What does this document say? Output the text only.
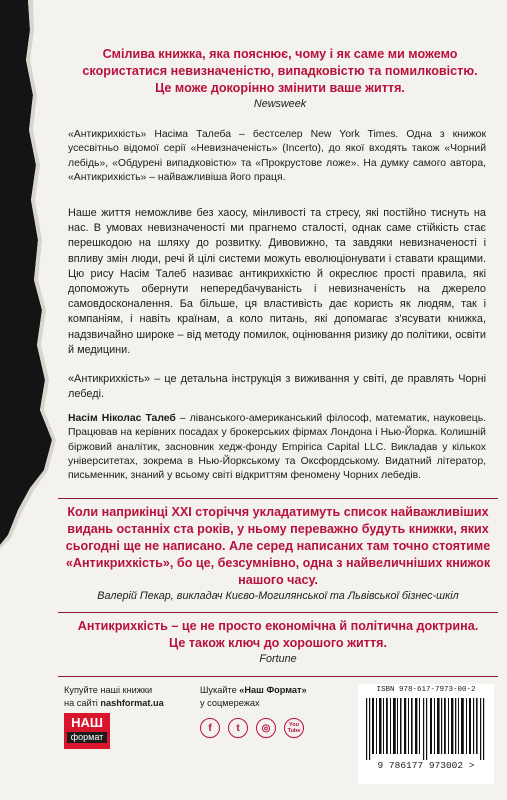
Смілива книжка, яка пояснює, чому і як саме ми можемо скористатися невизначеністю, випадковістю та помилковістю. Це може докорінно змінити ваше життя.
Newsweek
«Антикрихкість» Насіма Талеба – бестселер New York Times. Одна з книжок усесвітньо відомої серії «Невизначеність» (Incerto), до якої входять також «Чорний лебідь», «Обдурені випадковістю» та «Прокрустове ложе». На думку самого автора, «Антикрихкість» – найважливіша його праця.
Наше життя неможливе без хаосу, мінливості та стресу, які постійно тиснуть на нас. В умовах невизначеності ми прагнемо сталості, однак саме стійкість стає перешкодою на шляху до розвитку. Дивовижно, та завдяки невизначеності і впливу змін люди, речі й цілі системи можуть еволюціонувати і ставати кращими. Цю рису Насім Талеб називає антикрихкістю й окреслює прості правила, які допоможуть обернути непередбачуваність і невизначеність на джерело самовдосконалення. Ба більше, ця властивість дає користь як людям, так і компаніям, і навіть країнам, а коло питань, які допомагає з'ясувати книжка, надзвичайно широке – від методу помилок, оцінювання ризику до політики, освіти й медицини.
«Антикрихкість» – це детальна інструкція з виживання у світі, де правлять Чорні лебеді.
Насім Ніколас Талеб – ліванського-американський філософ, математик, науковець. Працював на керівних посадах у брокерських фірмах Лондона і Нью-Йорка. Колишній біржовий аналітик, засновник хедж-фонду Empirica Capital LLC. Викладав у кількох університетах, зокрема в Нью-Йоркському та Оксфордському. Видатний літератор, письменник, знаний у всьому світі відкриттям феномену Чорних лебедів.
Коли наприкінці ХХІ сторіччя укладатимуть список найважливіших видань останніх ста років, у ньому переважно будуть книжки, яких сьогодні ще не написано. Але серед написаних там точно стоятиме «Антикрихкість», бо це, безсумнівно, одна з найвеличніших книжок нашого часу.
Валерій Пекар, викладач Києво-Могилянської та Львівської бізнес-шкіл
Антикрихкість – це не просто економічна й політична доктрина. Це також ключ до хорошого життя.
Fortune
Купуйте наші книжки
на сайті nashformat.ua
НАШ
формат
Шукайте «Наш Формат»
у соцмережах
f	t	◎	You Tube
ISBN 978-617-7973-00-2
9 786177 973002 >
